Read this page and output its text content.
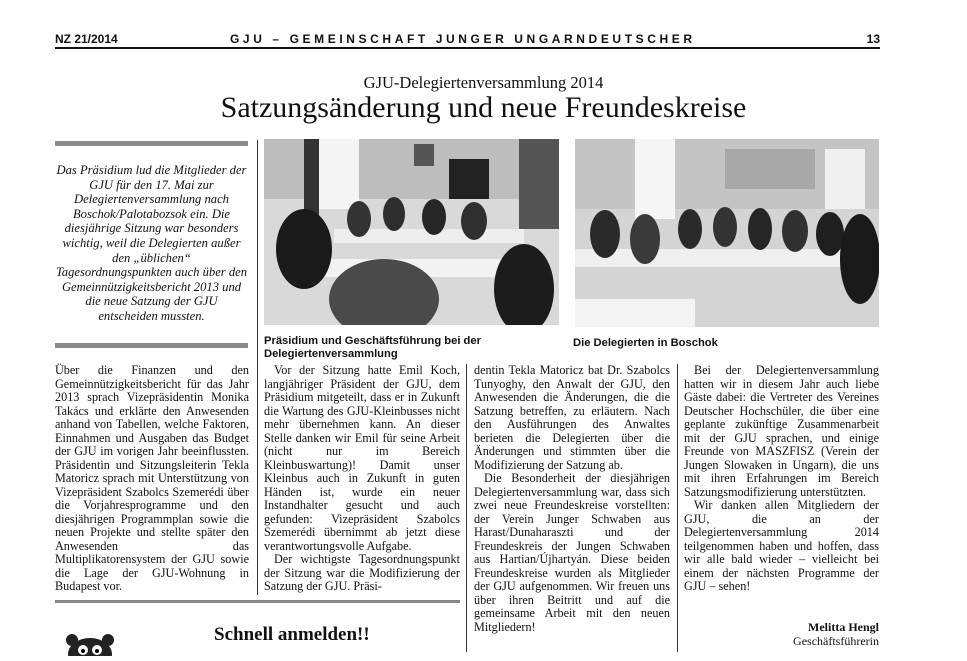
NZ 21/2014	GJU – GEMEINSCHAFT JUNGER UNGARNDEUTSCHER	13
GJU-Delegiertenversammlung 2014
Satzungsänderung und neue Freundeskreise
Das Präsidium lud die Mitglieder der GJU für den 17. Mai zur Delegiertenversammlung nach Boschok/Palotabozsok ein. Die diesjährige Sitzung war besonders wichtig, weil die Delegierten außer den „üblichen“ Tagesordnungspunkten auch über den Gemeinnützigkeitsbericht 2013 und die neue Satzung der GJU entscheiden mussten.
Präsidium und Geschäftsführung bei der Delegiertenversammlung
Die Delegierten in Boschok

Über die Finanzen und den Gemeinnützigkeitsbericht für das Jahr 2013 sprach Vizepräsidentin Monika Takács und erklärte den Anwesenden anhand von Tabellen, welche Faktoren, Einnahmen und Ausgaben das Budget der GJU im vorigen Jahr beeinflussten. Präsidentin und Sitzungsleiterin Tekla Matoricz sprach mit Unterstützung von Vizepräsident Szabolcs Szemerédi über die Vorjahresprogramme und den diesjährigen Programmplan sowie die neuen Projekte und stellte später den Anwesenden das Multiplikatorensystem der GJU sowie die Lage der GJU-Wohnung in Budapest vor.

Vor der Sitzung hatte Emil Koch, langjähriger Präsident der GJU, dem Präsidium mitgeteilt, dass er in Zukunft die Wartung des GJU-Kleinbusses nicht mehr übernehmen kann. An dieser Stelle danken wir Emil für seine Arbeit (nicht nur im Bereich Kleinbuswartung)! Damit unser Kleinbus auch in Zukunft in guten Händen ist, wurde ein neuer Instandhalter gesucht und auch gefunden: Vizepräsident Szabolcs Szemerédi übernimmt ab jetzt diese verantwortungsvolle Aufgabe.

Der wichtigste Tagesordnungspunkt der Sitzung war die Modifizierung der Satzung der GJU. Präsi-

dentin Tekla Matoricz bat Dr. Szabolcs Tunyoghy, den Anwalt der GJU, den Anwesenden die Änderungen, die die Satzung betreffen, zu erläutern. Nach den Ausführungen des Anwaltes berieten die Delegierten über die Änderungen und stimmten über die Modifizierung der Satzung ab.

Die Besonderheit der diesjährigen Delegiertenversammlung war, dass sich zwei neue Freundeskreise vorstellten: der Verein Junger Schwaben aus Harast/Dunaharaszti und der Freundeskreis der Jungen Schwaben aus Hartian/Újhartyán. Diese beiden Freundeskreise wurden als Mitglieder der GJU aufgenommen. Wir freuen uns über ihren Beitritt und auf die gemeinsame Arbeit mit den neuen Mitgliedern!

Bei der Delegiertenversammlung hatten wir in diesem Jahr auch liebe Gäste dabei: die Vertreter des Vereines Deutscher Hochschüler, die über eine geplante zukünftige Zusammenarbeit mit der GJU sprachen, und einige Freunde von MASZFISZ (Verein der Jungen Slowaken in Ungarn), die uns mit ihren Erfahrungen im Bereich Satzungsmodifizierung unterstützten.

Wir danken allen Mitgliedern der GJU, die an der Delegiertenversammlung 2014 teilgenommen haben und hoffen, dass wir alle bald wieder – vielleicht bei einem der nächsten Programme der GJU – sehen!

Melitta Hengl
Geschäftsführerin
Schnell anmelden!!
